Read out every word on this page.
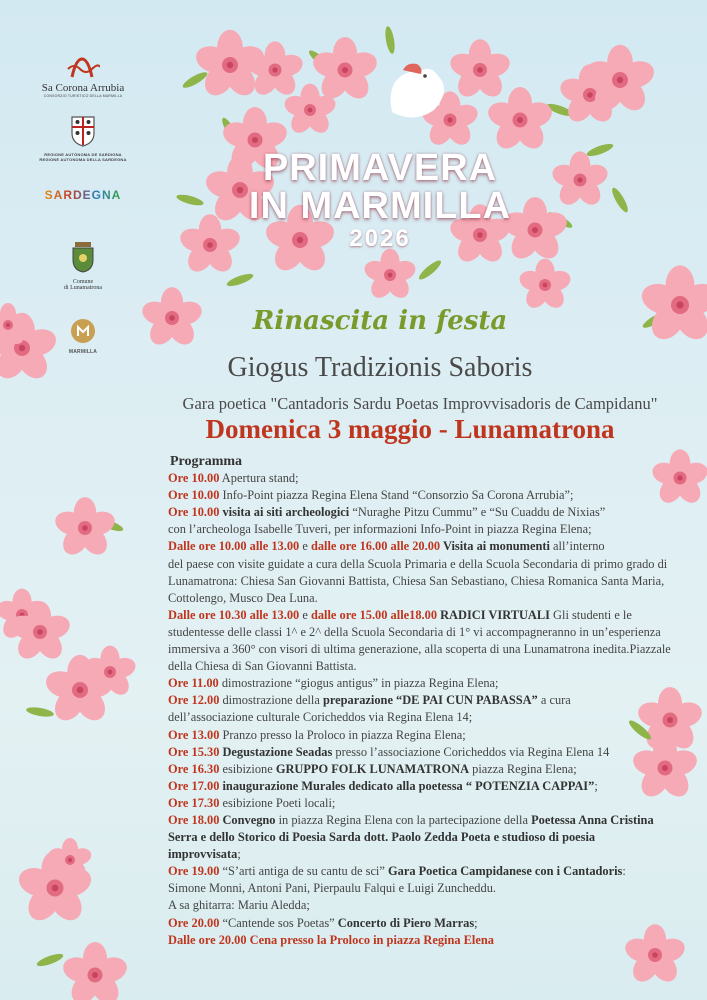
Sa Corona Arrubia
CONSORZIO TURISTICO DELLA MARMILLA
REGIONE AUTÒNOMA DE SARDIGNA
REGIONE AUTONOMA DELLA SARDEGNA
SARDEGNA
Comune
di Lunamatrona
MARMILLA
PRIMAVERA
IN MARMILLA
2026
Rinascita in festa
Giogus Tradizionis Saboris
Gara poetica "Cantadoris Sardu Poetas Improvvisadoris de Campidanu"
Domenica 3 maggio - Lunamatrona
Programma
Ore 10.00 Apertura stand;
Ore 10.00 Info-Point piazza Regina Elena Stand “Consorzio Sa Corona Arrubia”;
Ore 10.00 visita ai siti archeologici “Nuraghe Pitzu Cummu” e “Su Cuaddu de Nixias”
con l’archeologa Isabelle Tuveri, per informazioni Info-Point in piazza Regina Elena;
Dalle ore 10.00 alle 13.00 e dalle ore 16.00 alle 20.00 Visita ai monumenti all’interno
del paese con visite guidate a cura della Scuola Primaria e della Scuola Secondaria di primo grado di
Lunamatrona: Chiesa San Giovanni Battista, Chiesa San Sebastiano, Chiesa Romanica Santa Maria,
Cottolengo, Musco Dea Luna.
Dalle ore 10.30 alle 13.00 e dalle ore 15.00 alle18.00 RADICI VIRTUALI Gli studenti e le
studentesse delle classi 1^ e 2^ della Scuola Secondaria di 1° vi accompagneranno in un’esperienza
immersiva a 360° con visori di ultima generazione, alla scoperta di una Lunamatrona inedita.Piazzale
della Chiesa di San Giovanni Battista.
Ore 11.00 dimostrazione “giogus antigus” in piazza Regina Elena;
Ore 12.00 dimostrazione della preparazione “DE PAI CUN PABASSA” a cura
dell’associazione culturale Coricheddos via Regina Elena 14;
Ore 13.00 Pranzo presso la Proloco in piazza Regina Elena;
Ore 15.30 Degustazione Seadas presso l’associazione Coricheddos via Regina Elena 14
Ore 16.30 esibizione GRUPPO FOLK LUNAMATRONA piazza Regina Elena;
Ore 17.00 inaugurazione Murales dedicato alla poetessa “ POTENZIA CAPPAI”;
Ore 17.30 esibizione Poeti locali;
Ore 18.00 Convegno in piazza Regina Elena con la partecipazione della Poetessa Anna Cristina
Serra e dello Storico di Poesia Sarda dott. Paolo Zedda Poeta e studioso di poesia
improvvisata;
Ore 19.00 “S’arti antiga de su cantu de sci” Gara Poetica Campidanese con i Cantadoris:
Simone Monni, Antoni Pani, Pierpaulu Falqui e Luigi Zuncheddu.
A sa ghitarra: Mariu Aledda;
Ore 20.00 “Cantende sos Poetas” Concerto di Piero Marras;
Dalle ore 20.00 Cena presso la Proloco in piazza Regina Elena
